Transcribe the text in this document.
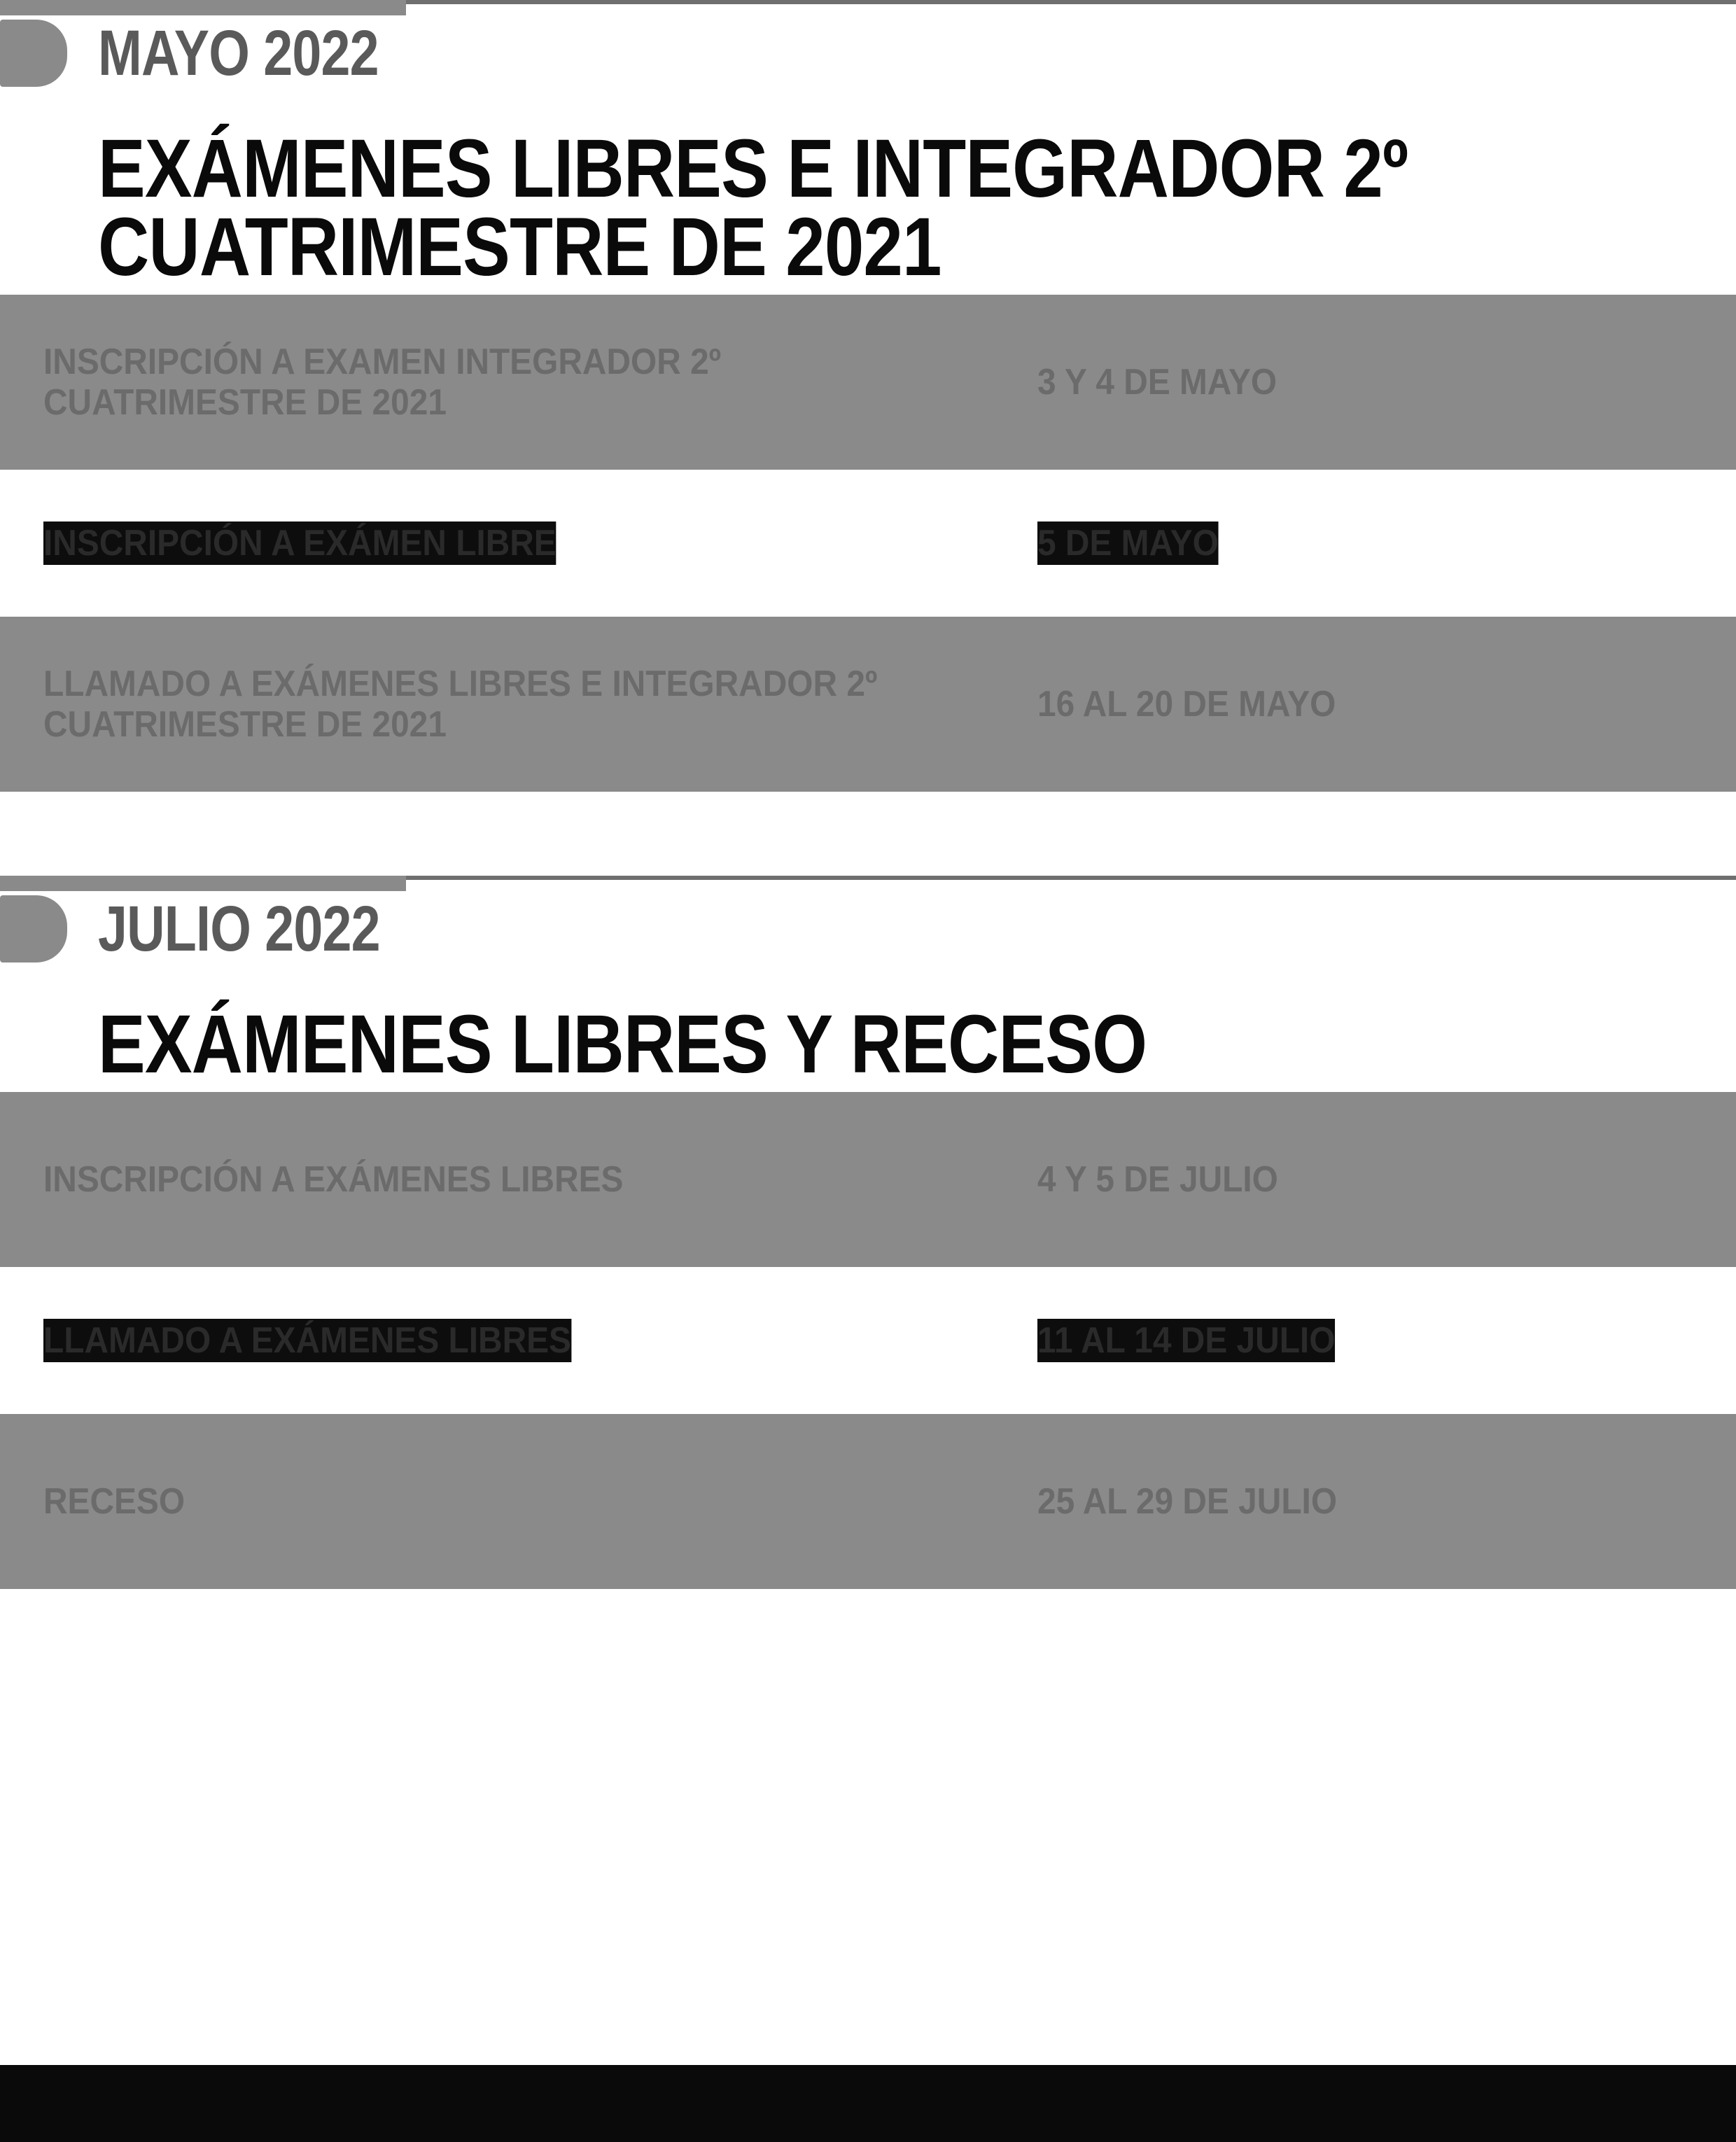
MAYO 2022
EXÁMENES LIBRES E INTEGRADOR 2º CUATRIMESTRE DE 2021
INSCRIPCIÓN A EXAMEN INTEGRADOR 2º CUATRIMESTRE DE 2021	3 Y 4 DE MAYO
INSCRIPCIÓN A EXÁMEN LIBRE	5 DE MAYO
LLAMADO A EXÁMENES LIBRES E INTEGRADOR 2º CUATRIMESTRE DE 2021	16 AL 20 DE MAYO
JULIO 2022
EXÁMENES LIBRES Y RECESO
INSCRIPCIÓN A EXÁMENES LIBRES	4 Y 5 DE JULIO
LLAMADO A EXÁMENES LIBRES	11 AL 14 DE JULIO
RECESO	25 AL 29 DE JULIO
